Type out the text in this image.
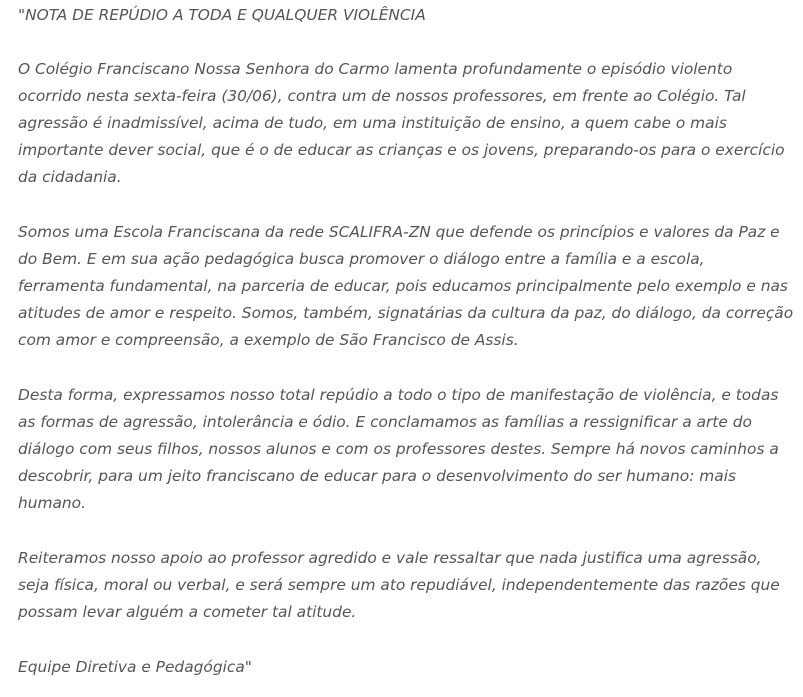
"NOTA DE REPÚDIO A TODA E QUALQUER VIOLÊNCIA

O Colégio Franciscano Nossa Senhora do Carmo lamenta profundamente o episódio violento ocorrido nesta sexta-feira (30/06), contra um de nossos professores, em frente ao Colégio. Tal agressão é inadmissível, acima de tudo, em uma instituição de ensino, a quem cabe o mais importante dever social, que é o de educar as crianças e os jovens, preparando-os para o exercício da cidadania.

Somos uma Escola Franciscana da rede SCALIFRA-ZN que defende os princípios e valores da Paz e do Bem. E em sua ação pedagógica busca promover o diálogo entre a família e a escola, ferramenta fundamental, na parceria de educar, pois educamos principalmente pelo exemplo e nas atitudes de amor e respeito. Somos, também, signatárias da cultura da paz, do diálogo, da correção com amor e compreensão, a exemplo de São Francisco de Assis.

Desta forma, expressamos nosso total repúdio a todo o tipo de manifestação de violência, e todas as formas de agressão, intolerância e ódio. E conclamamos as famílias a ressignificar a arte do diálogo com seus filhos, nossos alunos e com os professores destes. Sempre há novos caminhos a descobrir, para um jeito franciscano de educar para o desenvolvimento do ser humano: mais humano.

Reiteramos nosso apoio ao professor agredido e vale ressaltar que nada justifica uma agressão, seja física, moral ou verbal, e será sempre um ato repudiável, independentemente das razões que possam levar alguém a cometer tal atitude.

Equipe Diretiva e Pedagógica"
